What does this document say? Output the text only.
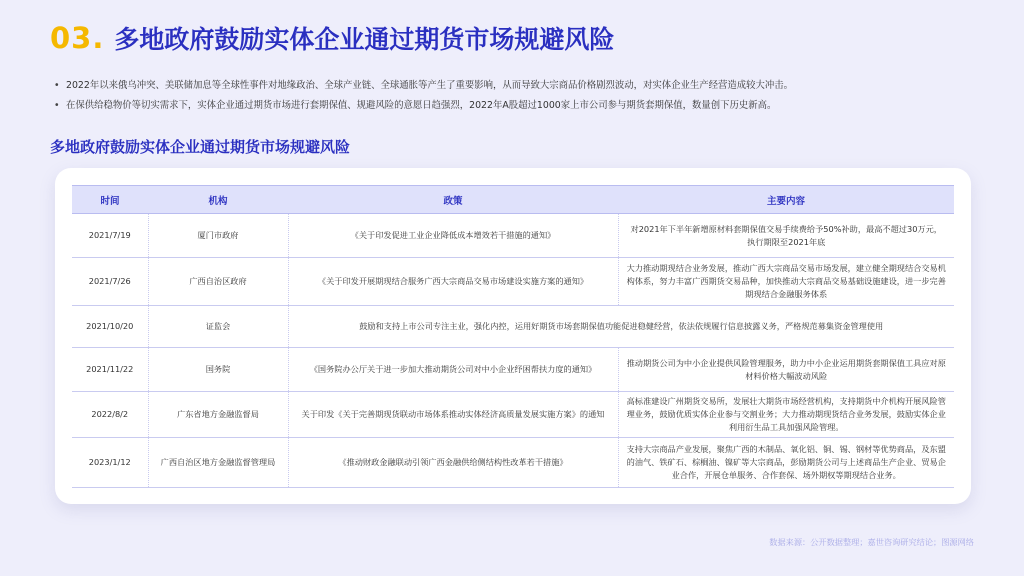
03. 多地政府鼓励实体企业通过期货市场规避风险
• 2022年以来俄乌冲突、美联储加息等全球性事件对地缘政治、全球产业链、全球通胀等产生了重要影响，从而导致大宗商品价格剧烈波动，对实体企业生产经营造成较大冲击。
• 在保供给稳物价等切实需求下，实体企业通过期货市场进行套期保值、规避风险的意愿日趋强烈，2022年A股超过1000家上市公司参与期货套期保值，数量创下历史新高。
多地政府鼓励实体企业通过期货市场规避风险
时间	机构	政策	主要内容
2021/7/19	厦门市政府	《关于印发促进工业企业降低成本增效若干措施的通知》	对2021年下半年新增原材料套期保值交易手续费给予50%补助，最高不超过30万元，执行期限至2021年底
2021/7/26	广西自治区政府	《关于印发开展期现结合服务广西大宗商品交易市场建设实施方案的通知》	大力推动期现结合业务发展，推动广西大宗商品交易市场发展，建立健全期现结合交易机构体系，努力丰富广西期货交易品种，加快推动大宗商品交易基础设施建设，进一步完善期现结合金融服务体系
2021/10/20	证监会	鼓励和支持上市公司专注主业，强化内控，运用好期货市场套期保值功能促进稳健经营，依法依规履行信息披露义务，严格规范募集资金管理使用	
2021/11/22	国务院	《国务院办公厅关于进一步加大推动期货公司对中小企业纾困帮扶力度的通知》	推动期货公司为中小企业提供风险管理服务，助力中小企业运用期货套期保值工具应对原材料价格大幅波动风险
2022/8/2	广东省地方金融监督局	关于印发《关于完善期现货联动市场体系推动实体经济高质量发展实施方案》的通知	高标准建设广州期货交易所，发展壮大期货市场经营机构，支持期货中介机构开展风险管理业务，鼓励优质实体企业参与交割业务；大力推动期现货结合业务发展，鼓励实体企业利用衍生品工具加强风险管理。
2023/1/12	广西自治区地方金融监督管理局	《推动财政金融联动引领广西金融供给侧结构性改革若干措施》	支持大宗商品产业发展，聚焦广西的木制品、氧化铝、铜、锡、钢材等优势商品，及东盟的油气、铁矿石、棕榈油、镍矿等大宗商品，彭励期货公司与上述商品生产企业、贸易企业合作，开展仓单服务、合作套保、场外期权等期现结合业务。
数据来源：公开数据整理；嘉世咨询研究结论；图源网络
